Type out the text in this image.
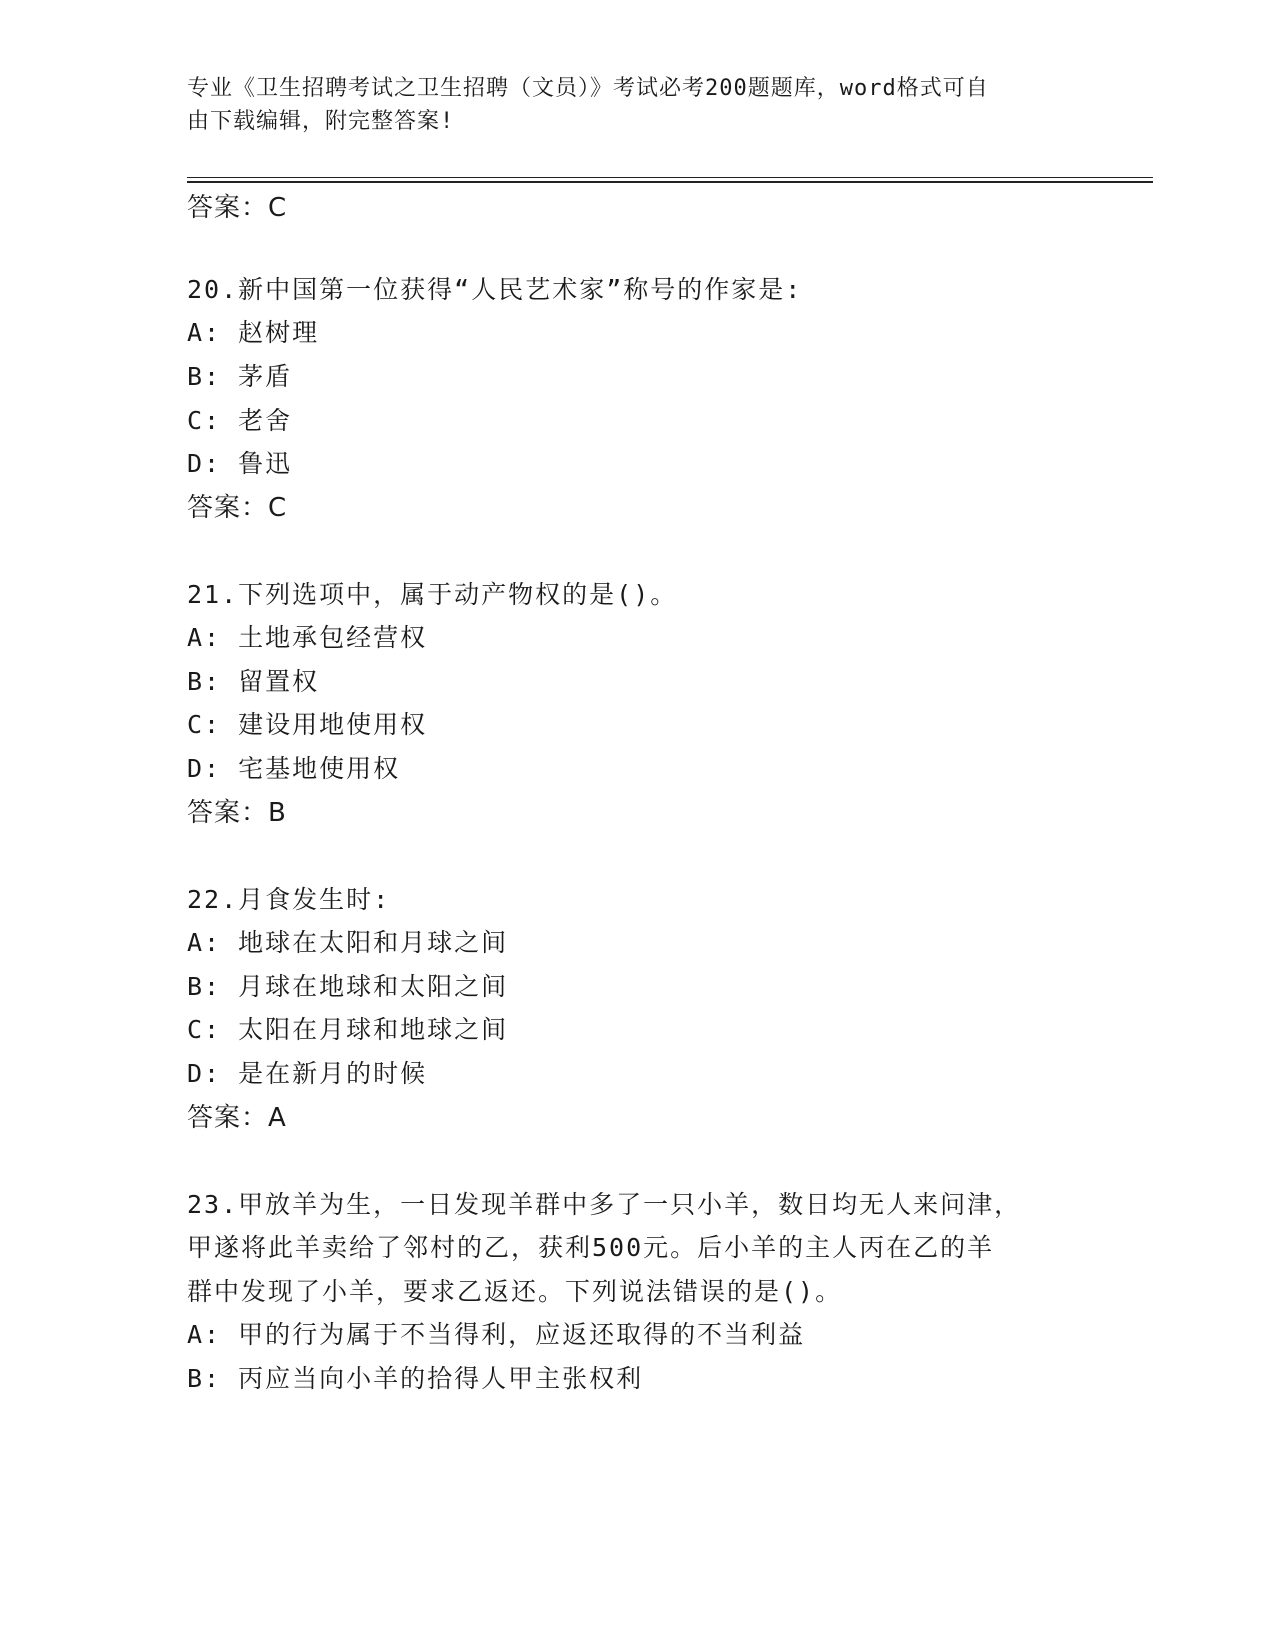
专业《卫生招聘考试之卫生招聘（文员）》考试必考200题题库，word格式可自
由下载编辑，附完整答案!
答案：C
20.新中国第一位获得“人民艺术家”称号的作家是:
A: 赵树理
B: 茅盾
C: 老舍
D: 鲁迅
答案：C
21.下列选项中，属于动产物权的是()。
A: 土地承包经营权
B: 留置权
C: 建设用地使用权
D: 宅基地使用权
答案：B
22.月食发生时:
A: 地球在太阳和月球之间
B: 月球在地球和太阳之间
C: 太阳在月球和地球之间
D: 是在新月的时候
答案：A
23.甲放羊为生，一日发现羊群中多了一只小羊，数日均无人来问津，
甲遂将此羊卖给了邻村的乙，获利500元。后小羊的主人丙在乙的羊
群中发现了小羊，要求乙返还。下列说法错误的是()。
A: 甲的行为属于不当得利，应返还取得的不当利益
B: 丙应当向小羊的拾得人甲主张权利
